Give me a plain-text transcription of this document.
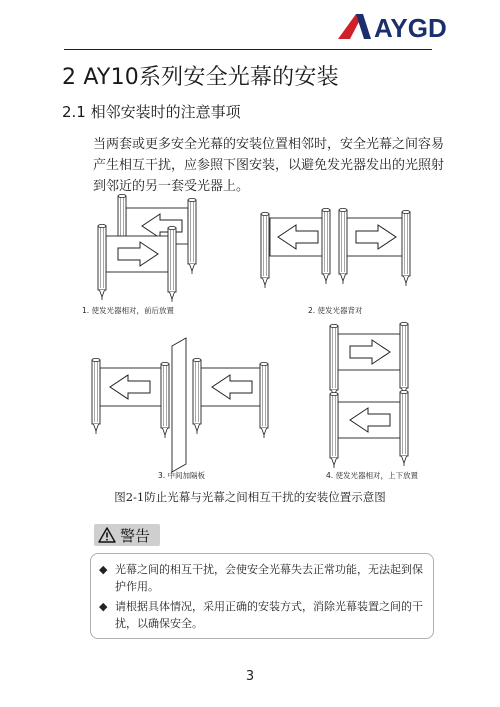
AYGD
2 AY10系列安全光幕的安装
2.1 相邻安装时的注意事项
当两套或更多安全光幕的安装位置相邻时，安全光幕之间容易
产生相互干扰，应参照下图安装，以避免发光器发出的光照射
到邻近的另一套受光器上。
1. 使发光器相对，前后放置	2. 使发光器背对
3. 中间加隔板	4. 使发光器相对，上下放置
图2-1防止光幕与光幕之间相互干扰的安装位置示意图
警告
◆ 光幕之间的相互干扰，会使安全光幕失去正常功能，无法起到保护作用。
◆ 请根据具体情况，采用正确的安装方式，消除光幕装置之间的干扰，以确保安全。
3
